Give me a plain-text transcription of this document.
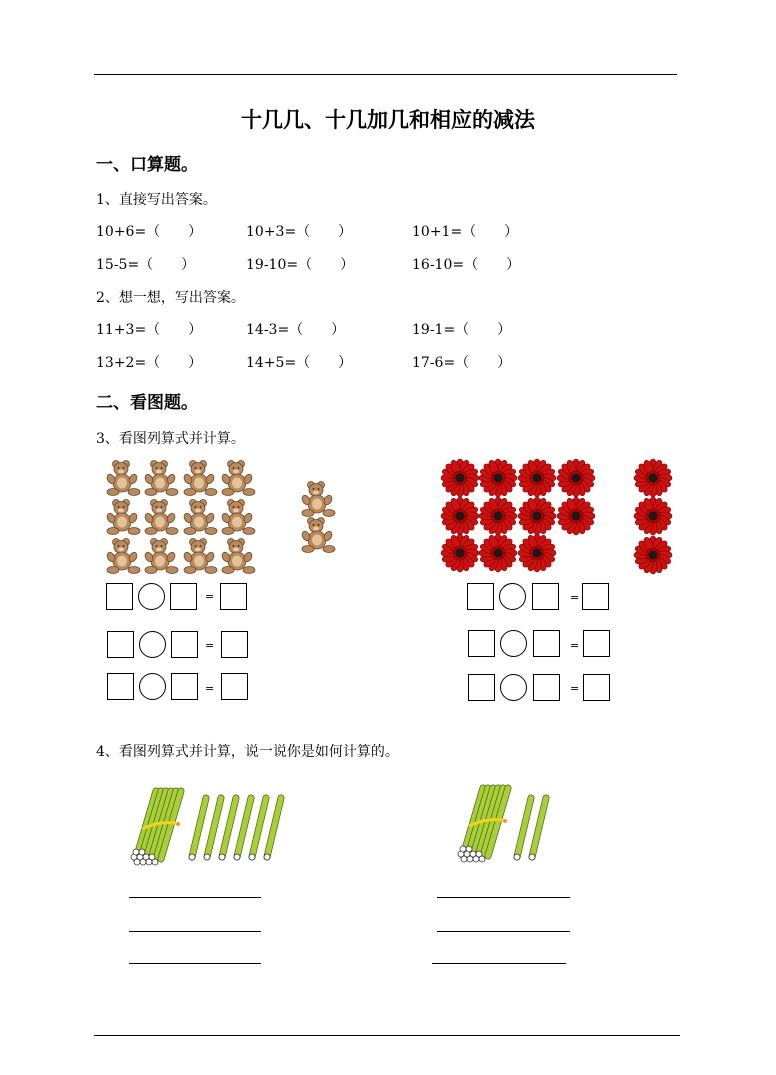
十几几、十几加几和相应的减法
一、口算题。
1、直接写出答案。
10+6=（　　）	10+3=（　　）	10+1=（　　）
15-5=（　　）	19-10=（　　）	16-10=（　　）
2、想一想，写出答案。
11+3=（　　）	14-3=（　　）	19-1=（　　）
13+2=（　　）	14+5=（　　）	17-6=（　　）
二、看图题。
3、看图列算式并计算。
=
=
=
=
=
=
4、看图列算式并计算，说一说你是如何计算的。
